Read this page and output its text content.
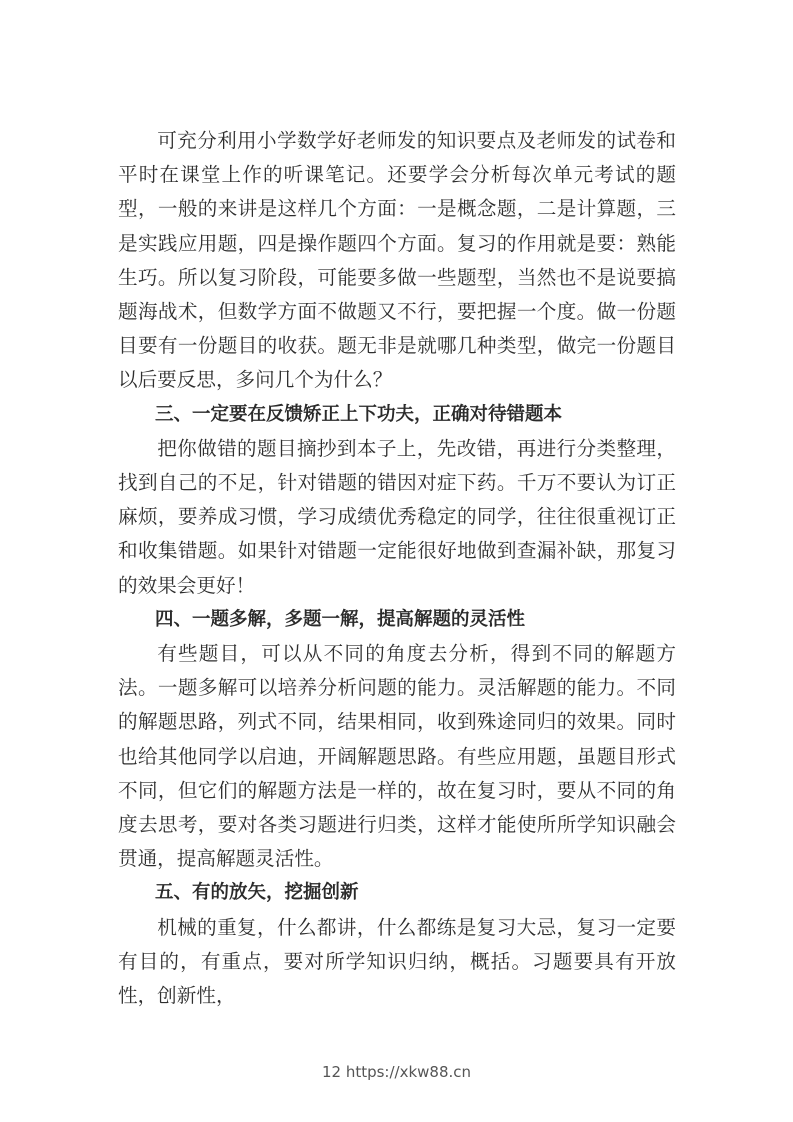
可充分利用小学数学好老师发的知识要点及老师发的试卷和平时在课堂上作的听课笔记。还要学会分析每次单元考试的题型，一般的来讲是这样几个方面：一是概念题，二是计算题，三是实践应用题，四是操作题四个方面。复习的作用就是要：熟能生巧。所以复习阶段，可能要多做一些题型，当然也不是说要搞题海战术，但数学方面不做题又不行，要把握一个度。做一份题目要有一份题目的收获。题无非是就哪几种类型，做完一份题目以后要反思，多问几个为什么？

三、一定要在反馈矫正上下功夫，正确对待错题本

把你做错的题目摘抄到本子上，先改错，再进行分类整理，找到自己的不足，针对错题的错因对症下药。千万不要认为订正麻烦，要养成习惯，学习成绩优秀稳定的同学，往往很重视订正和收集错题。如果针对错题一定能很好地做到查漏补缺，那复习的效果会更好！

四、一题多解，多题一解，提高解题的灵活性

有些题目，可以从不同的角度去分析，得到不同的解题方法。一题多解可以培养分析问题的能力。灵活解题的能力。不同的解题思路，列式不同，结果相同，收到殊途同归的效果。同时也给其他同学以启迪，开阔解题思路。有些应用题，虽题目形式不同，但它们的解题方法是一样的，故在复习时，要从不同的角度去思考，要对各类习题进行归类，这样才能使所所学知识融会贯通，提高解题灵活性。

五、有的放矢，挖掘创新

机械的重复，什么都讲，什么都练是复习大忌，复习一定要有目的，有重点，要对所学知识归纳，概括。习题要具有开放性，创新性，

12 https://xkw88.cn
